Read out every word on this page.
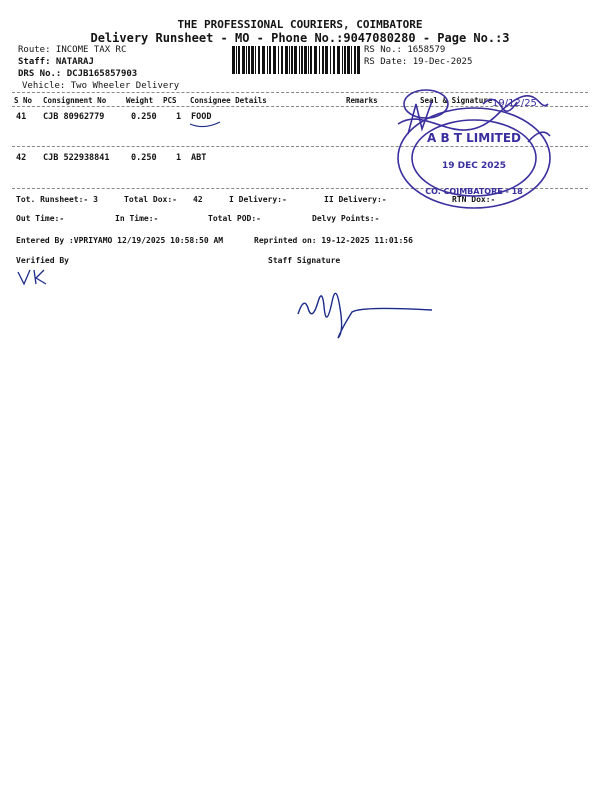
THE PROFESSIONAL COURIERS, COIMBATORE
Delivery Runsheet - MO - Phone No.:9047080280 - Page No.:3
Route: INCOME TAX RC
Staff: NATARAJ
DRS No.: DCJB165857903
Vehicle: Two Wheeler Delivery
RS No.: 1658579
RS Date: 19-Dec-2025
S No Consignment No	Weight PCS Consignee Details	Remarks	Seal & Signature
41 CJB 80962779	0.250 1 FOOD
42 CJB 522938841	0.250 1 ABT
Tot. Runsheet:- 3	Total Dox:- 42	I Delivery:-	II Delivery:-	RTN Dox:-
Out Time:-	In Time:-	Total POD:-	Delvy Points:-
Entered By :VPRIYAMO 12/19/2025 10:58:50 AM	Reprinted on: 19-12-2025 11:01:56
Verified By	Staff Signature
A B T LIMITED
19 DEC 2025
CO. COIMBATORE - 18
19/12/25
VK
